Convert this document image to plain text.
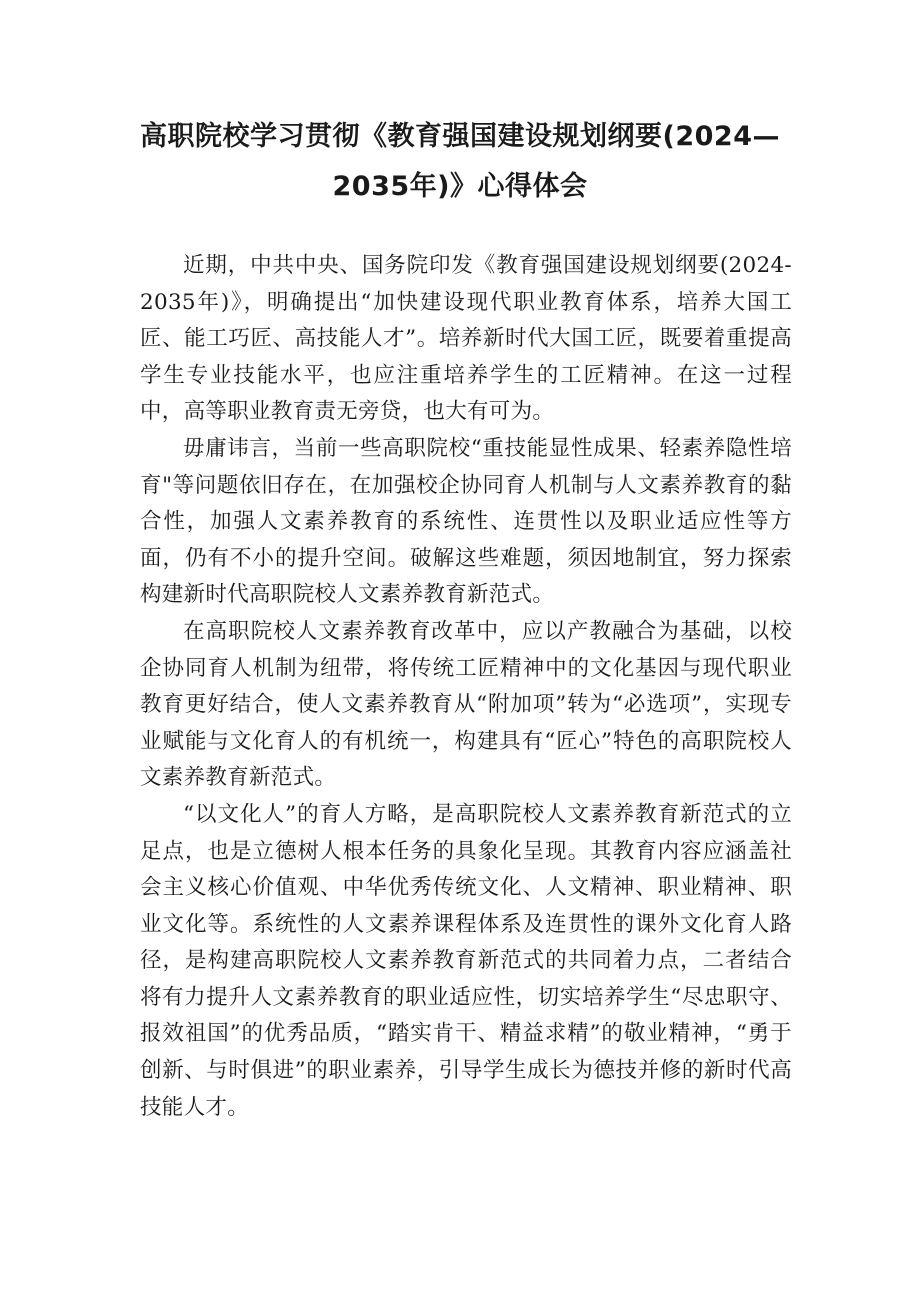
高职院校学习贯彻《教育强国建设规划纲要(2024—
2035年)》心得体会

近期，中共中央、国务院印发《教育强国建设规划纲要(2024-2035年)》，明确提出“加快建设现代职业教育体系，培养大国工匠、能工巧匠、高技能人才”。培养新时代大国工匠，既要着重提高学生专业技能水平，也应注重培养学生的工匠精神。在这一过程中，高等职业教育责无旁贷，也大有可为。

毋庸讳言，当前一些高职院校“重技能显性成果、轻素养隐性培育"等问题依旧存在，在加强校企协同育人机制与人文素养教育的黏合性，加强人文素养教育的系统性、连贯性以及职业适应性等方面，仍有不小的提升空间。破解这些难题，须因地制宜，努力探索构建新时代高职院校人文素养教育新范式。

在高职院校人文素养教育改革中，应以产教融合为基础，以校企协同育人机制为纽带，将传统工匠精神中的文化基因与现代职业教育更好结合，使人文素养教育从“附加项”转为“必选项”，实现专业赋能与文化育人的有机统一，构建具有“匠心”特色的高职院校人文素养教育新范式。

“以文化人”的育人方略，是高职院校人文素养教育新范式的立足点，也是立德树人根本任务的具象化呈现。其教育内容应涵盖社会主义核心价值观、中华优秀传统文化、人文精神、职业精神、职业文化等。系统性的人文素养课程体系及连贯性的课外文化育人路径，是构建高职院校人文素养教育新范式的共同着力点，二者结合将有力提升人文素养教育的职业适应性，切实培养学生“尽忠职守、报效祖国”的优秀品质，“踏实肯干、精益求精”的敬业精神，“勇于创新、与时俱进”的职业素养，引导学生成长为德技并修的新时代高技能人才。
